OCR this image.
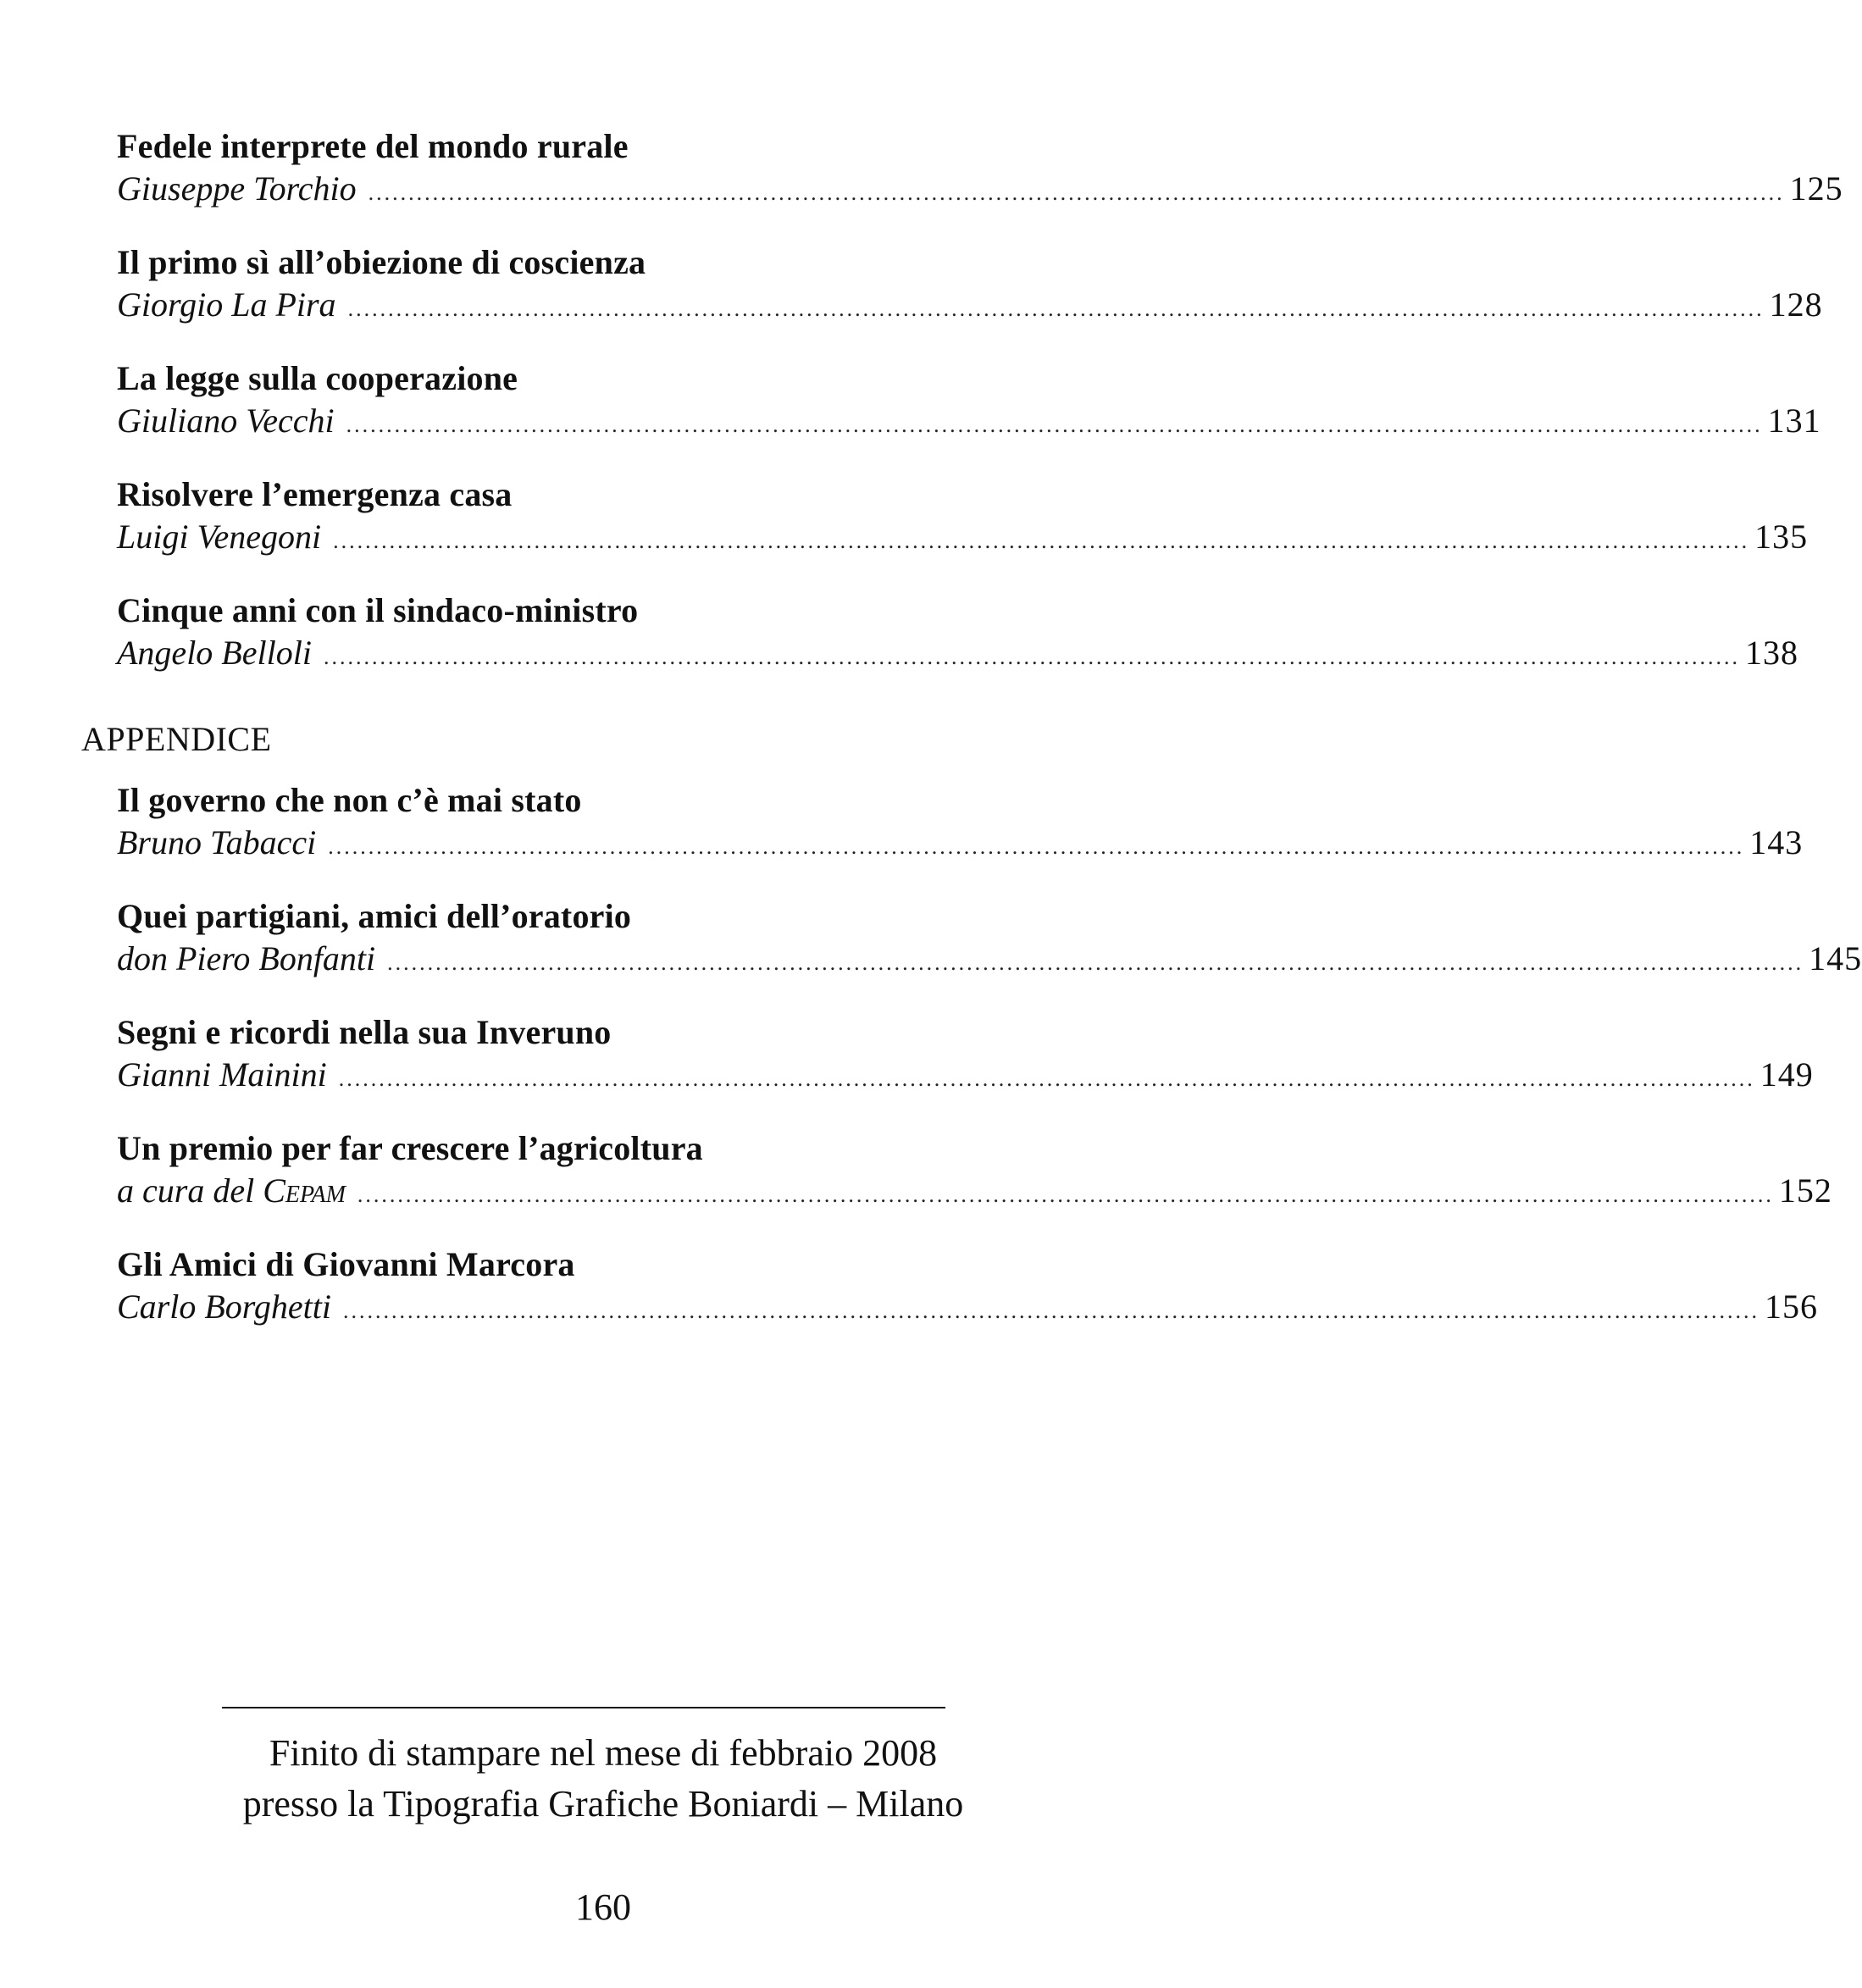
Fedele interprete del mondo rurale
Giuseppe Torchio ................................................................................................................................................................................ 125
Il primo sì all’obiezione di coscienza
Giorgio La Pira ................................................................................................................................................................................ 128
La legge sulla cooperazione
Giuliano Vecchi ................................................................................................................................................................................ 131
Risolvere l’emergenza casa
Luigi Venegoni ................................................................................................................................................................................ 135
Cinque anni con il sindaco-ministro
Angelo Belloli ................................................................................................................................................................................ 138
APPENDICE
Il governo che non c’è mai stato
Bruno Tabacci ................................................................................................................................................................................ 143
Quei partigiani, amici dell’oratorio
don Piero Bonfanti ................................................................................................................................................................................ 145
Segni e ricordi nella sua Inveruno
Gianni Mainini ................................................................................................................................................................................ 149
Un premio per far crescere l’agricoltura
a cura del Cepam ................................................................................................................................................................................ 152
Gli Amici di Giovanni Marcora
Carlo Borghetti ................................................................................................................................................................................ 156
Finito di stampare nel mese di febbraio 2008
presso la Tipografia Grafiche Boniardi – Milano
160
